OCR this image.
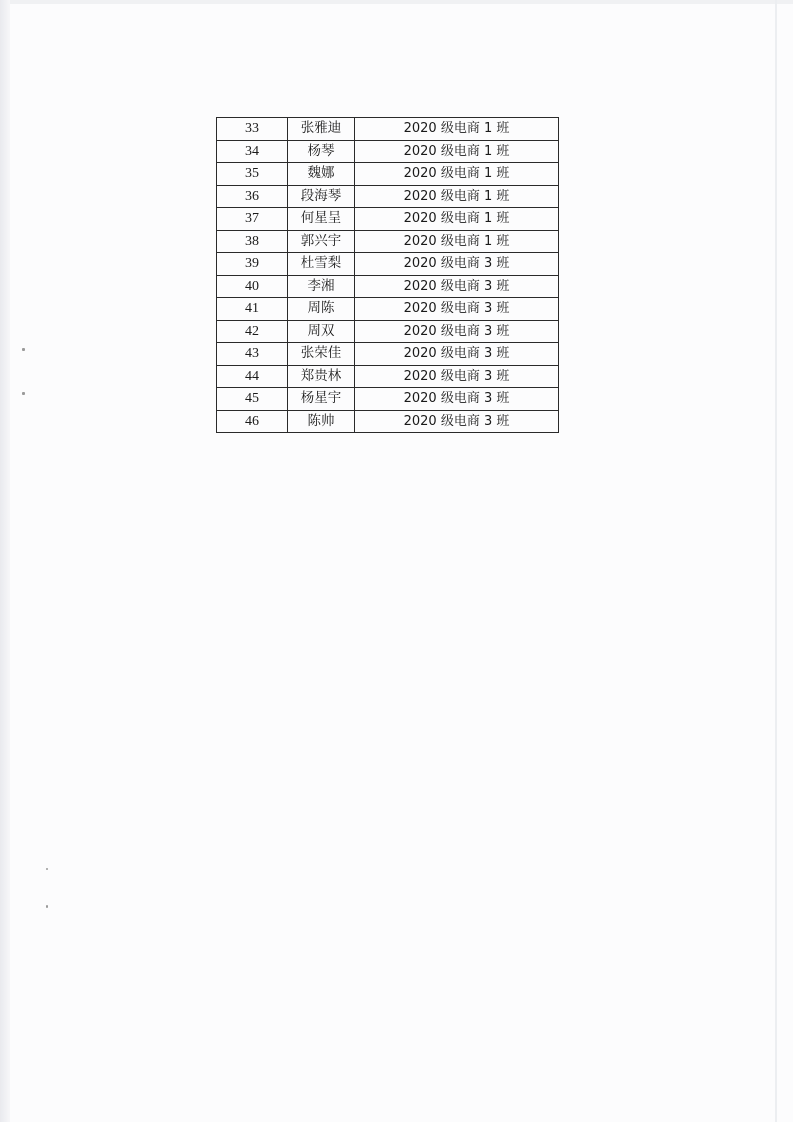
33	张雅迪	2020 级电商 1 班
34	杨琴	2020 级电商 1 班
35	魏娜	2020 级电商 1 班
36	段海琴	2020 级电商 1 班
37	何星呈	2020 级电商 1 班
38	郭兴宇	2020 级电商 1 班
39	杜雪梨	2020 级电商 3 班
40	李湘	2020 级电商 3 班
41	周陈	2020 级电商 3 班
42	周双	2020 级电商 3 班
43	张荣佳	2020 级电商 3 班
44	郑贵林	2020 级电商 3 班
45	杨星宇	2020 级电商 3 班
46	陈帅	2020 级电商 3 班
